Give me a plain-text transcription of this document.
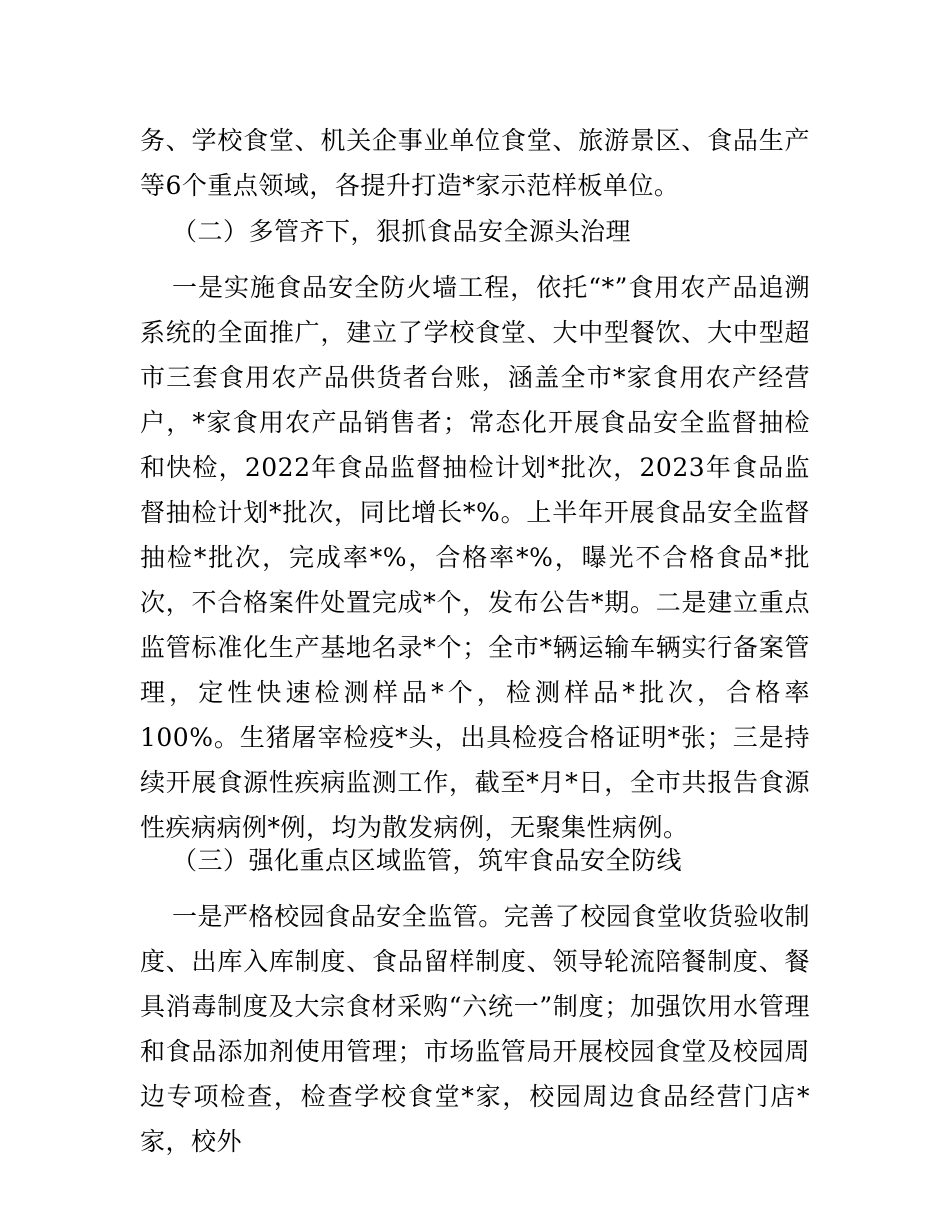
务、学校食堂、机关企事业单位食堂、旅游景区、食品生产等6个重点领域，各提升打造*家示范样板单位。

（二）多管齐下，狠抓食品安全源头治理

一是实施食品安全防火墙工程，依托“*”食用农产品追溯系统的全面推广，建立了学校食堂、大中型餐饮、大中型超市三套食用农产品供货者台账，涵盖全市*家食用农产经营户，*家食用农产品销售者；常态化开展食品安全监督抽检和快检，2022年食品监督抽检计划*批次，2023年食品监督抽检计划*批次，同比增长*%。上半年开展食品安全监督抽检*批次，完成率*%，合格率*%，曝光不合格食品*批次，不合格案件处置完成*个，发布公告*期。二是建立重点监管标准化生产基地名录*个；全市*辆运输车辆实行备案管理，定性快速检测样品*个，检测样品*批次，合格率100%。生猪屠宰检疫*头，出具检疫合格证明*张；三是持续开展食源性疾病监测工作，截至*月*日，全市共报告食源性疾病病例*例，均为散发病例，无聚集性病例。

（三）强化重点区域监管，筑牢食品安全防线

一是严格校园食品安全监管。完善了校园食堂收货验收制度、出库入库制度、食品留样制度、领导轮流陪餐制度、餐具消毒制度及大宗食材采购“六统一”制度；加强饮用水管理和食品添加剂使用管理；市场监管局开展校园食堂及校园周边专项检查，检查学校食堂*家，校园周边食品经营门店*家，校外
